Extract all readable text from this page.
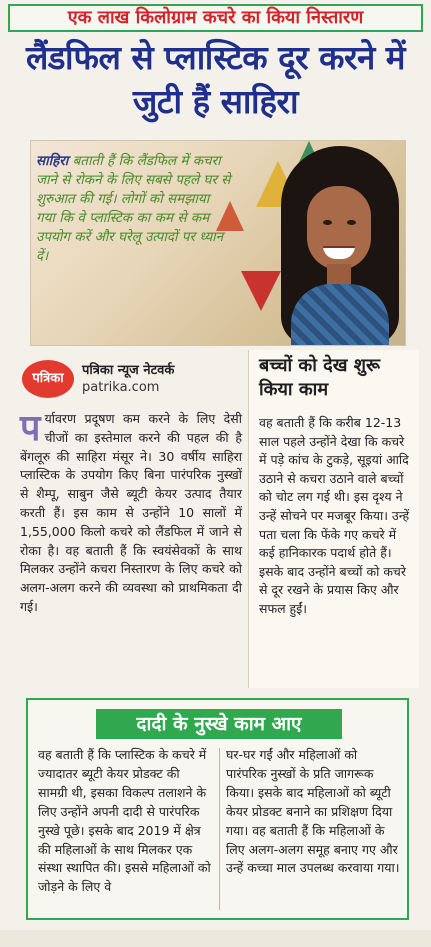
एक लाख किलोग्राम कचरे का किया निस्तारण
लैंडफिल से प्लास्टिक दूर करने में जुटी हैं साहिरा
साहिरा बताती हैं कि लैंडफिल में कचरा जाने से रोकने के लिए सबसे पहले घर से शुरुआत की गई। लोगों को समझाया गया कि वे प्लास्टिक का कम से कम उपयोग करें और घरेलू उत्पादों पर ध्यान दें।
पत्रिका
पत्रिका न्यूज नेटवर्क
patrika.com
पर्यावरण प्रदूषण कम करने के लिए देसी चीजों का इस्तेमाल करने की पहल की है बेंगलूरु की साहिरा मंसूर ने। 30 वर्षीय साहिरा प्लास्टिक के उपयोग किए बिना पारंपरिक नुस्खों से शैम्पू, साबुन जैसे ब्यूटी केयर उत्पाद तैयार करती हैं। इस काम से उन्होंने 10 सालों में 1,55,000 किलो कचरे को लैंडफिल में जाने से रोका है। वह बताती हैं कि स्वयंसेवकों के साथ मिलकर उन्होंने कचरा निस्तारण के लिए कचरे को अलग-अलग करने की व्यवस्था को प्राथमिकता दी गई।
बच्चों को देख शुरू किया काम
वह बताती हैं कि करीब 12-13 साल पहले उन्होंने देखा कि कचरे में पड़े कांच के टुकड़े, सूइयां आदि उठाने से कचरा उठाने वाले बच्चों को चोट लग गई थी। इस दृश्य ने उन्हें सोचने पर मजबूर किया। उन्हें पता चला कि फेंके गए कचरे में कई हानिकारक पदार्थ होते हैं। इसके बाद उन्होंने बच्चों को कचरे से दूर रखने के प्रयास किए और सफल हुईं।
दादी के नुस्खे काम आए
वह बताती हैं कि प्लास्टिक के कचरे में ज्यादातर ब्यूटी केयर प्रोडक्ट की सामग्री थी, इसका विकल्प तलाशने के लिए उन्होंने अपनी दादी से पारंपरिक नुस्खे पूछे। इसके बाद 2019 में क्षेत्र की महिलाओं के साथ मिलकर एक संस्था स्थापित की। इससे महिलाओं को जोड़ने के लिए वे
घर-घर गईं और महिलाओं को पारंपरिक नुस्खों के प्रति जागरूक किया। इसके बाद महिलाओं को ब्यूटी केयर प्रोडक्ट बनाने का प्रशिक्षण दिया गया। वह बताती हैं कि महिलाओं के लिए अलग-अलग समूह बनाए गए और उन्हें कच्चा माल उपलब्ध करवाया गया।
